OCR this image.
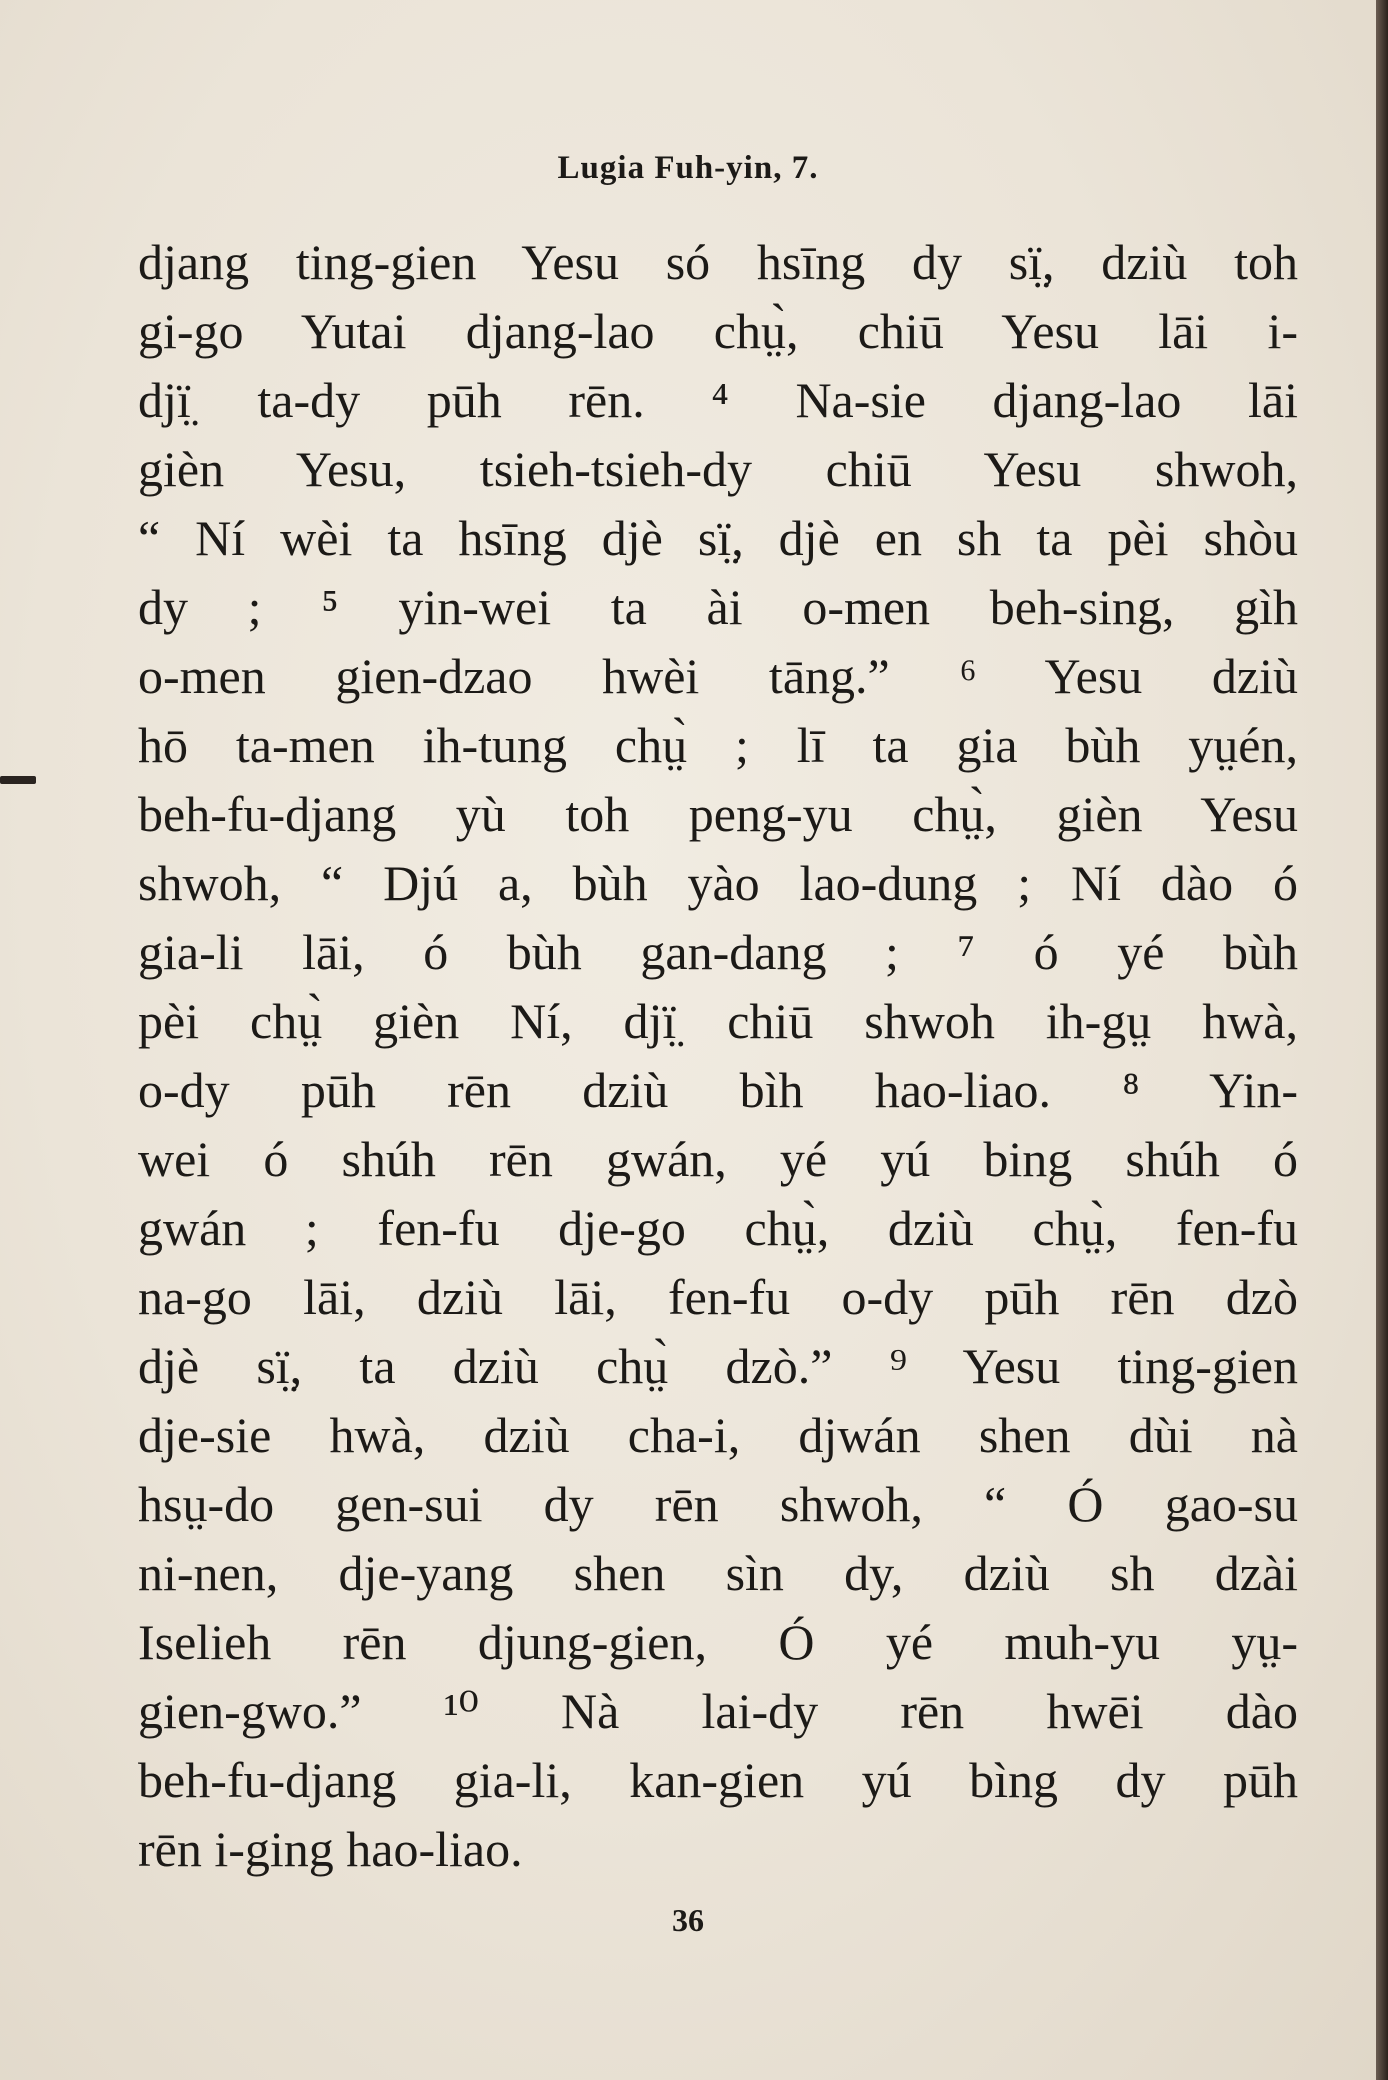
Lugia Fuh-yin, 7.
djang ting-gien Yesu só hsīng dy sï̤, dziù toh
gi-go Yutai djang-lao chṳ̀, chiū Yesu lāi i-
djï̤ ta-dy pūh rēn. ⁴ Na-sie djang-lao lāi
gièn Yesu, tsieh-tsieh-dy chiū Yesu shwoh,
“ Ní wèi ta hsīng djè sï̤, djè en sh ta pèi shòu
dy ; ⁵ yin-wei ta ài o-men beh-sing, gìh
o-men gien-dzao hwèi tāng.” ⁶ Yesu dziù
hō ta-men ih-tung chṳ̀ ; lī ta gia bùh yṳén,
beh-fu-djang yù toh peng-yu chṳ̀, gièn Yesu
shwoh, “ Djú a, bùh yào lao-dung ; Ní dào ó
gia-li lāi, ó bùh gan-dang ; ⁷ ó yé bùh
pèi chṳ̀ gièn Ní, djï̤ chiū shwoh ih-gṳ hwà,
o-dy pūh rēn dziù bìh hao-liao. ⁸ Yin-
wei ó shúh rēn gwán, yé yú bing shúh ó
gwán ; fen-fu dje-go chṳ̀, dziù chṳ̀, fen-fu
na-go lāi, dziù lāi, fen-fu o-dy pūh rēn dzò
djè sï̤, ta dziù chṳ̀ dzò.” ⁹ Yesu ting-gien
dje-sie hwà, dziù cha-i, djwán shen dùi nà
hsṳ-do gen-sui dy rēn shwoh, “ Ó gao-su
ni-nen, dje-yang shen sìn dy, dziù sh dzài
Iselieh rēn djung-gien, Ó yé muh-yu yṳ-
gien-gwo.” ¹⁰ Nà lai-dy rēn hwēi dào
beh-fu-djang gia-li, kan-gien yú bìng dy pūh
rēn i-ging hao-liao.
36
